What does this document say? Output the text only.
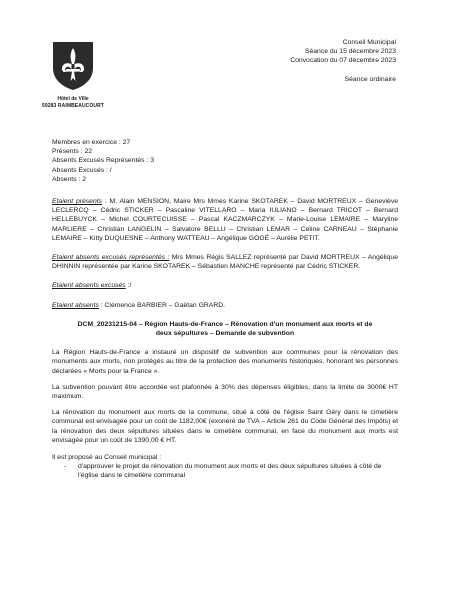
Hôtel de Ville
59283 RAIMBEAUCOURT
Conseil Municipal
Séance du 15 décembre 2023
Convocation du 07 décembre 2023
Séance ordinaire
Membres en exercice : 27
Présents : 22
Absents Excusés Représentés : 3
Absents Excusés : /
Absents : 2

Etaient présents : M. Alain MENSION, Maire Mrs Mmes Karine SKOTAREK – David MORTREUX – Geneviève LECLERCQ – Cédric STICKER – Pascaline VITELLARO – Maria IULIANO – Bernard TRICOT – Bernard HELLEBUYCK – Michel COURTECUISSE – Pascal KACZMARCZYK – Marie-Louise LEMAIRE – Maryline MARLIERE – Christian LANGELIN – Salvatore BELLU – Christian LEMAR – Céline CARNEAU – Stéphanie LEMAIRE – Kitty DUQUESNE – Anthony WATTEAU – Angélique GOGÉ – Aurélie PETIT.

Etaient absents excusés représentés : Mrs Mmes Régis SALLEZ représenté par David MORTREUX – Angélique DHINNIN représentée par Karine SKOTAREK – Sébastien MANCHE représenté par Cédric STICKER.

Etaient absents excusés :/

Etaient absents : Clémence BARBIER – Gaëtan GRARD.

DCM_20231215-04 – Région Hauts-de-France – Rénovation d'un monument aux morts et de deux sépultures – Demande de subvention

La Région Hauts-de-France a instauré un dispositif de subvention aux communes pour la rénovation des monuments aux morts, non protégés au titre de la protection des monuments historiques, honorant les personnes déclarées « Morts pour la France ».

La subvention pouvant être accordée est plafonnée à 30% des dépenses éligibles, dans la limite de 3000€ HT maximum.

La rénovation du monument aux morts de la commune, situé à côté de l'église Saint Géry dans le cimetière communal est envisagée pour un coût de 1182,00€ (exonéré de TVA – Article 261 du Code Général des Impôts) et la rénovation des deux sépultures situées dans le cimetière communal, en face du monument aux morts est envisagée pour un coût de 1390,00 € HT.

Il est proposé au Conseil municipal :

-	d'approuver le projet de rénovation du monument aux morts et des deux sépultures situées à côté de l'église dans le cimetière communal
